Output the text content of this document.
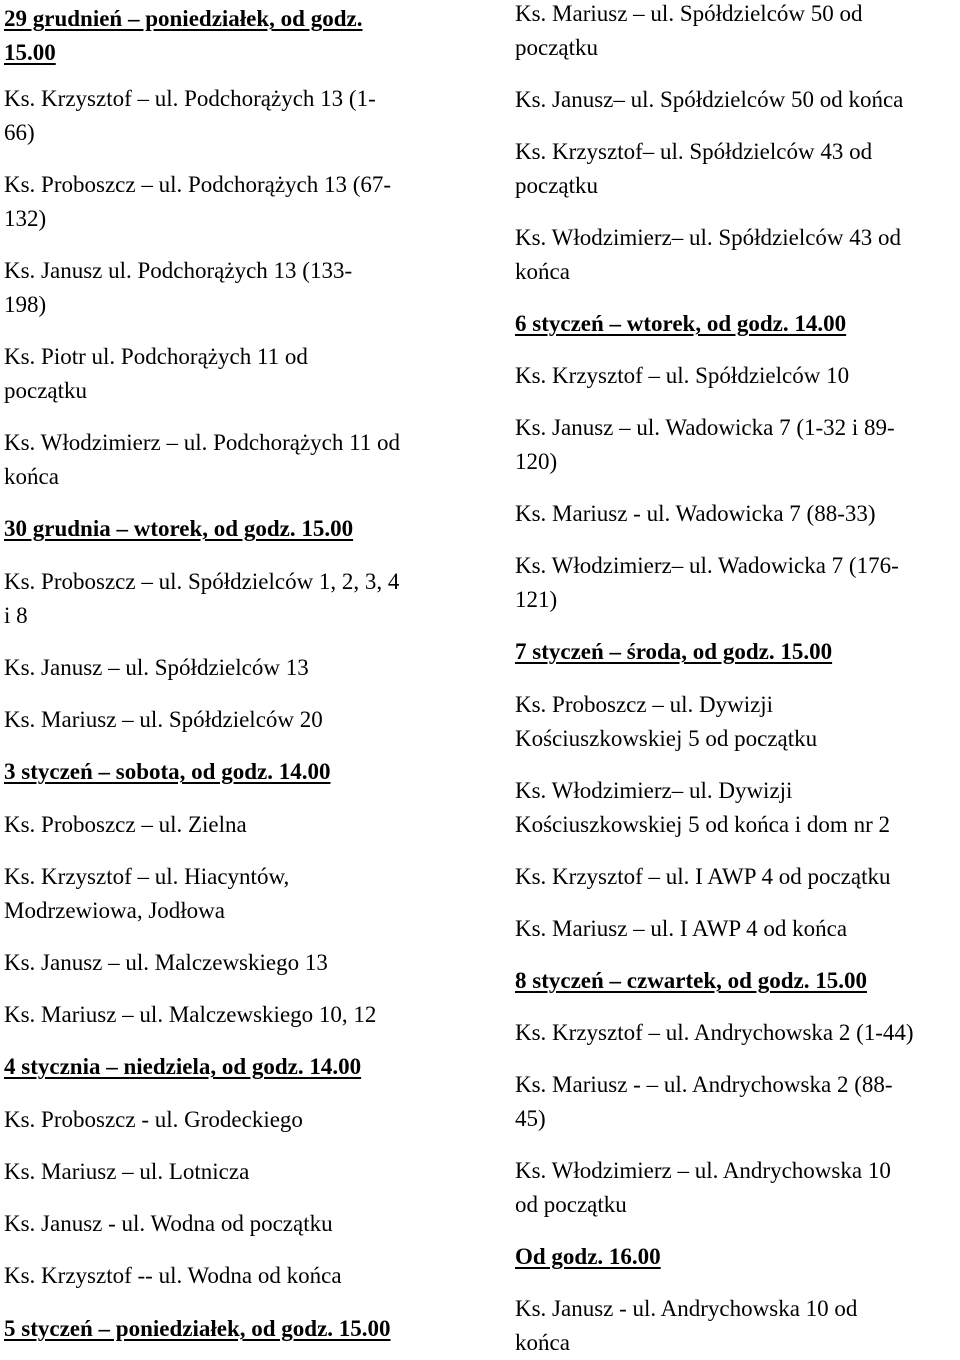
29 grudnień – poniedziałek, od godz.
15.00

Ks. Krzysztof – ul. Podchorążych 13 (1-
66)

Ks. Proboszcz – ul. Podchorążych 13 (67-
132)

Ks. Janusz ul. Podchorążych 13 (133-
198)

Ks. Piotr ul. Podchorążych 11 od
początku

Ks. Włodzimierz – ul. Podchorążych 11 od
końca

30 grudnia – wtorek, od godz. 15.00

Ks. Proboszcz – ul. Spółdzielców 1, 2, 3, 4
i 8

Ks. Janusz – ul. Spółdzielców 13

Ks. Mariusz – ul. Spółdzielców 20

3 styczeń – sobota, od godz. 14.00

Ks. Proboszcz – ul. Zielna

Ks. Krzysztof – ul. Hiacyntów,
Modrzewiowa, Jodłowa

Ks. Janusz – ul. Malczewskiego 13

Ks. Mariusz – ul. Malczewskiego 10, 12

4 stycznia – niedziela, od godz. 14.00

Ks. Proboszcz - ul. Grodeckiego

Ks. Mariusz – ul. Lotnicza

Ks. Janusz - ul. Wodna od początku

Ks. Krzysztof -- ul. Wodna od końca

5 styczeń – poniedziałek, od godz. 15.00

Ks. Mariusz – ul. Spółdzielców 50 od
początku

Ks. Janusz– ul. Spółdzielców 50 od końca

Ks. Krzysztof– ul. Spółdzielców 43 od
początku

Ks. Włodzimierz– ul. Spółdzielców 43 od
końca

6 styczeń – wtorek, od godz. 14.00

Ks. Krzysztof – ul. Spółdzielców 10

Ks. Janusz – ul. Wadowicka 7 (1-32 i 89-
120)

Ks. Mariusz - ul. Wadowicka 7 (88-33)

Ks. Włodzimierz– ul. Wadowicka 7 (176-
121)

7 styczeń – środa, od godz. 15.00

Ks. Proboszcz – ul. Dywizji
Kościuszkowskiej 5 od początku

Ks. Włodzimierz– ul. Dywizji
Kościuszkowskiej 5 od końca i dom nr 2

Ks. Krzysztof – ul. I AWP 4 od początku

Ks. Mariusz – ul. I AWP 4 od końca

8 styczeń – czwartek, od godz. 15.00

Ks. Krzysztof – ul. Andrychowska 2 (1-44)

Ks. Mariusz - – ul. Andrychowska 2 (88-
45)

Ks. Włodzimierz – ul. Andrychowska 10
od początku

Od godz. 16.00

Ks. Janusz - ul. Andrychowska 10 od
końca
